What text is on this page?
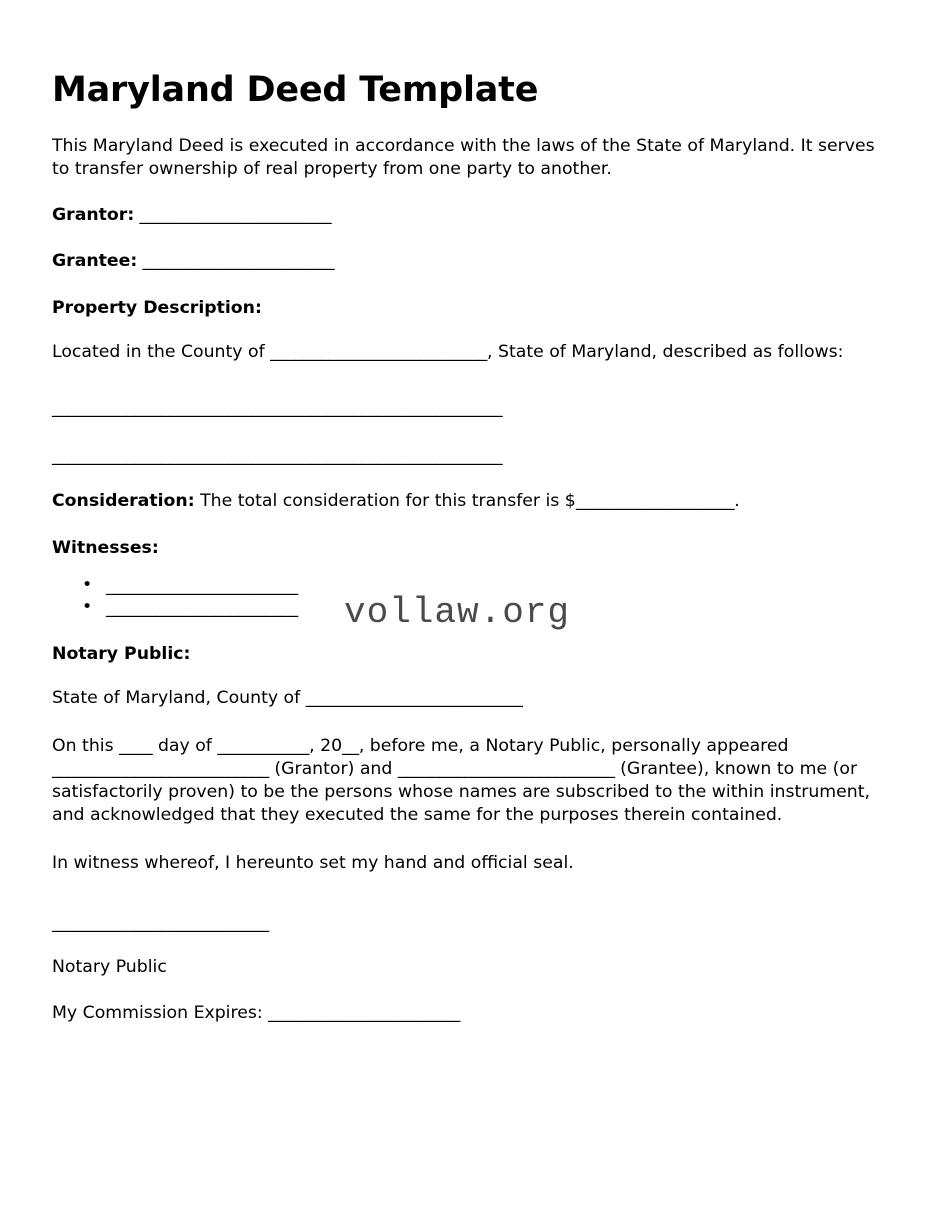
Maryland Deed Template

This Maryland Deed is executed in accordance with the laws of the State of Maryland. It serves to transfer ownership of real property from one party to another.

Grantor: _______________________

Grantee: _______________________

Property Description:

Located in the County of __________________________, State of Maryland, described as follows:

______________________________________________________

______________________________________________________

Consideration: The total consideration for this transfer is $___________________.

Witnesses:

• _______________________
• _______________________

Notary Public:

State of Maryland, County of __________________________

On this ____ day of ___________, 20__, before me, a Notary Public, personally appeared __________________________ (Grantor) and __________________________ (Grantee), known to me (or satisfactorily proven) to be the persons whose names are subscribed to the within instrument, and acknowledged that they executed the same for the purposes therein contained.

In witness whereof, I hereunto set my hand and official seal.

__________________________

Notary Public

My Commission Expires: _______________________

vollaw.org
